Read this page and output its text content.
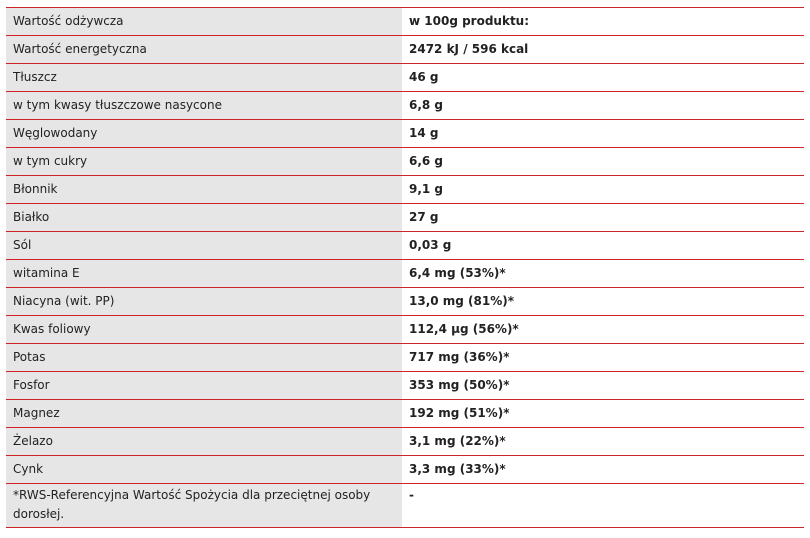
Wartość odżywcza	w 100g produktu:
Wartość energetyczna	2472 kJ / 596 kcal
Tłuszcz	46 g
w tym kwasy tłuszczowe nasycone	6,8 g
Węglowodany	14 g
w tym cukry	6,6 g
Błonnik	9,1 g
Białko	27 g
Sól	0,03 g
witamina E	6,4 mg (53%)*
Niacyna (wit. PP)	13,0 mg (81%)*
Kwas foliowy	112,4 µg (56%)*
Potas	717 mg (36%)*
Fosfor	353 mg (50%)*
Magnez	192 mg (51%)*
Żelazo	3,1 mg (22%)*
Cynk	3,3 mg (33%)*
*RWS-Referencyjna Wartość Spożycia dla przeciętnej osoby dorosłej.	-
